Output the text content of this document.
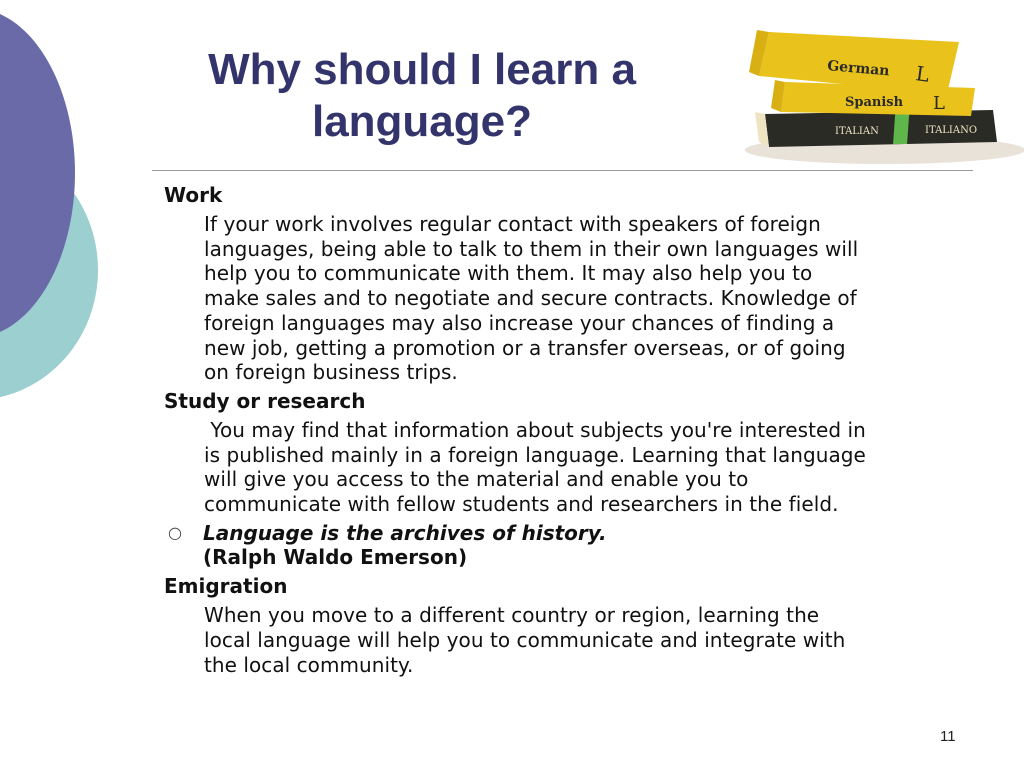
Why should I learn a
language?	ITALIAN	ITALIANO
Spanish L
German L
Work
If your work involves regular contact with speakers of foreign
languages, being able to talk to them in their own languages will
help you to communicate with them. It may also help you to
make sales and to negotiate and secure contracts. Knowledge of
foreign languages may also increase your chances of finding a
new job, getting a promotion or a transfer overseas, or of going
on foreign business trips.
Study or research
You may find that information about subjects you're interested in
is published mainly in a foreign language. Learning that language
will give you access to the material and enable you to
communicate with fellow students and researchers in the field.
○ Language is the archives of history.
(Ralph Waldo Emerson)
Emigration
When you move to a different country or region, learning the
local language will help you to communicate and integrate with
the local community.
11
